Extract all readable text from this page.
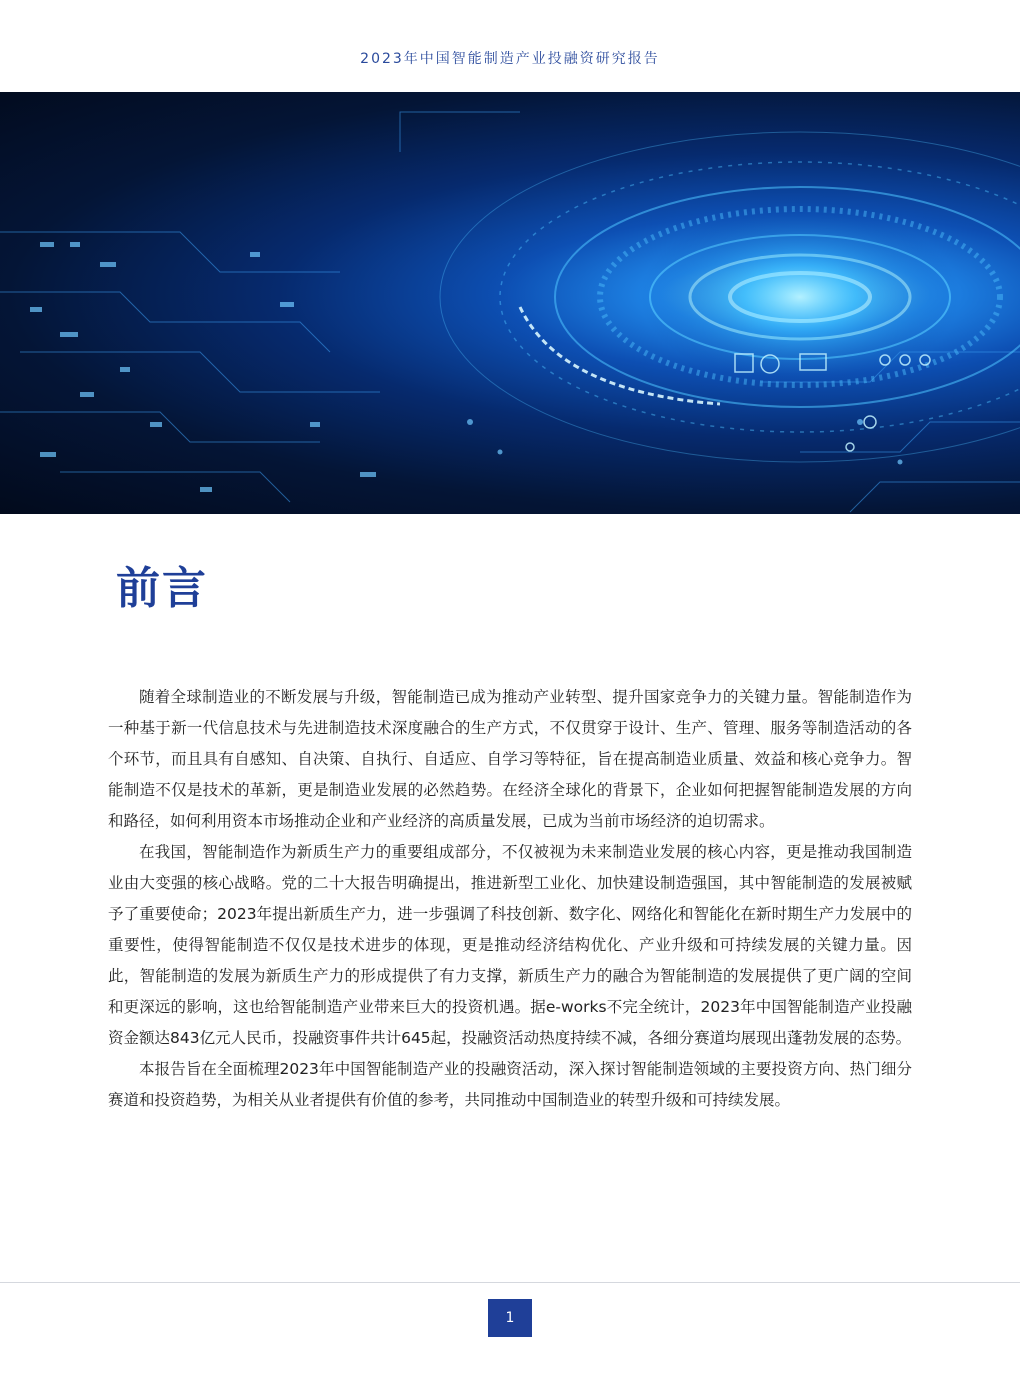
2023年中国智能制造产业投融资研究报告
前言

随着全球制造业的不断发展与升级，智能制造已成为推动产业转型、提升国家竞争力的关键力量。智能制造作为一种基于新一代信息技术与先进制造技术深度融合的生产方式，不仅贯穿于设计、生产、管理、服务等制造活动的各个环节，而且具有自感知、自决策、自执行、自适应、自学习等特征，旨在提高制造业质量、效益和核心竞争力。智能制造不仅是技术的革新，更是制造业发展的必然趋势。在经济全球化的背景下，企业如何把握智能制造发展的方向和路径，如何利用资本市场推动企业和产业经济的高质量发展，已成为当前市场经济的迫切需求。

在我国，智能制造作为新质生产力的重要组成部分，不仅被视为未来制造业发展的核心内容，更是推动我国制造业由大变强的核心战略。党的二十大报告明确提出，推进新型工业化、加快建设制造强国，其中智能制造的发展被赋予了重要使命；2023年提出新质生产力，进一步强调了科技创新、数字化、网络化和智能化在新时期生产力发展中的重要性，使得智能制造不仅仅是技术进步的体现，更是推动经济结构优化、产业升级和可持续发展的关键力量。因此，智能制造的发展为新质生产力的形成提供了有力支撑，新质生产力的融合为智能制造的发展提供了更广阔的空间和更深远的影响，这也给智能制造产业带来巨大的投资机遇。据e-works不完全统计，2023年中国智能制造产业投融资金额达843亿元人民币，投融资事件共计645起，投融资活动热度持续不减，各细分赛道均展现出蓬勃发展的态势。

本报告旨在全面梳理2023年中国智能制造产业的投融资活动，深入探讨智能制造领域的主要投资方向、热门细分赛道和投资趋势，为相关从业者提供有价值的参考，共同推动中国制造业的转型升级和可持续发展。

1
